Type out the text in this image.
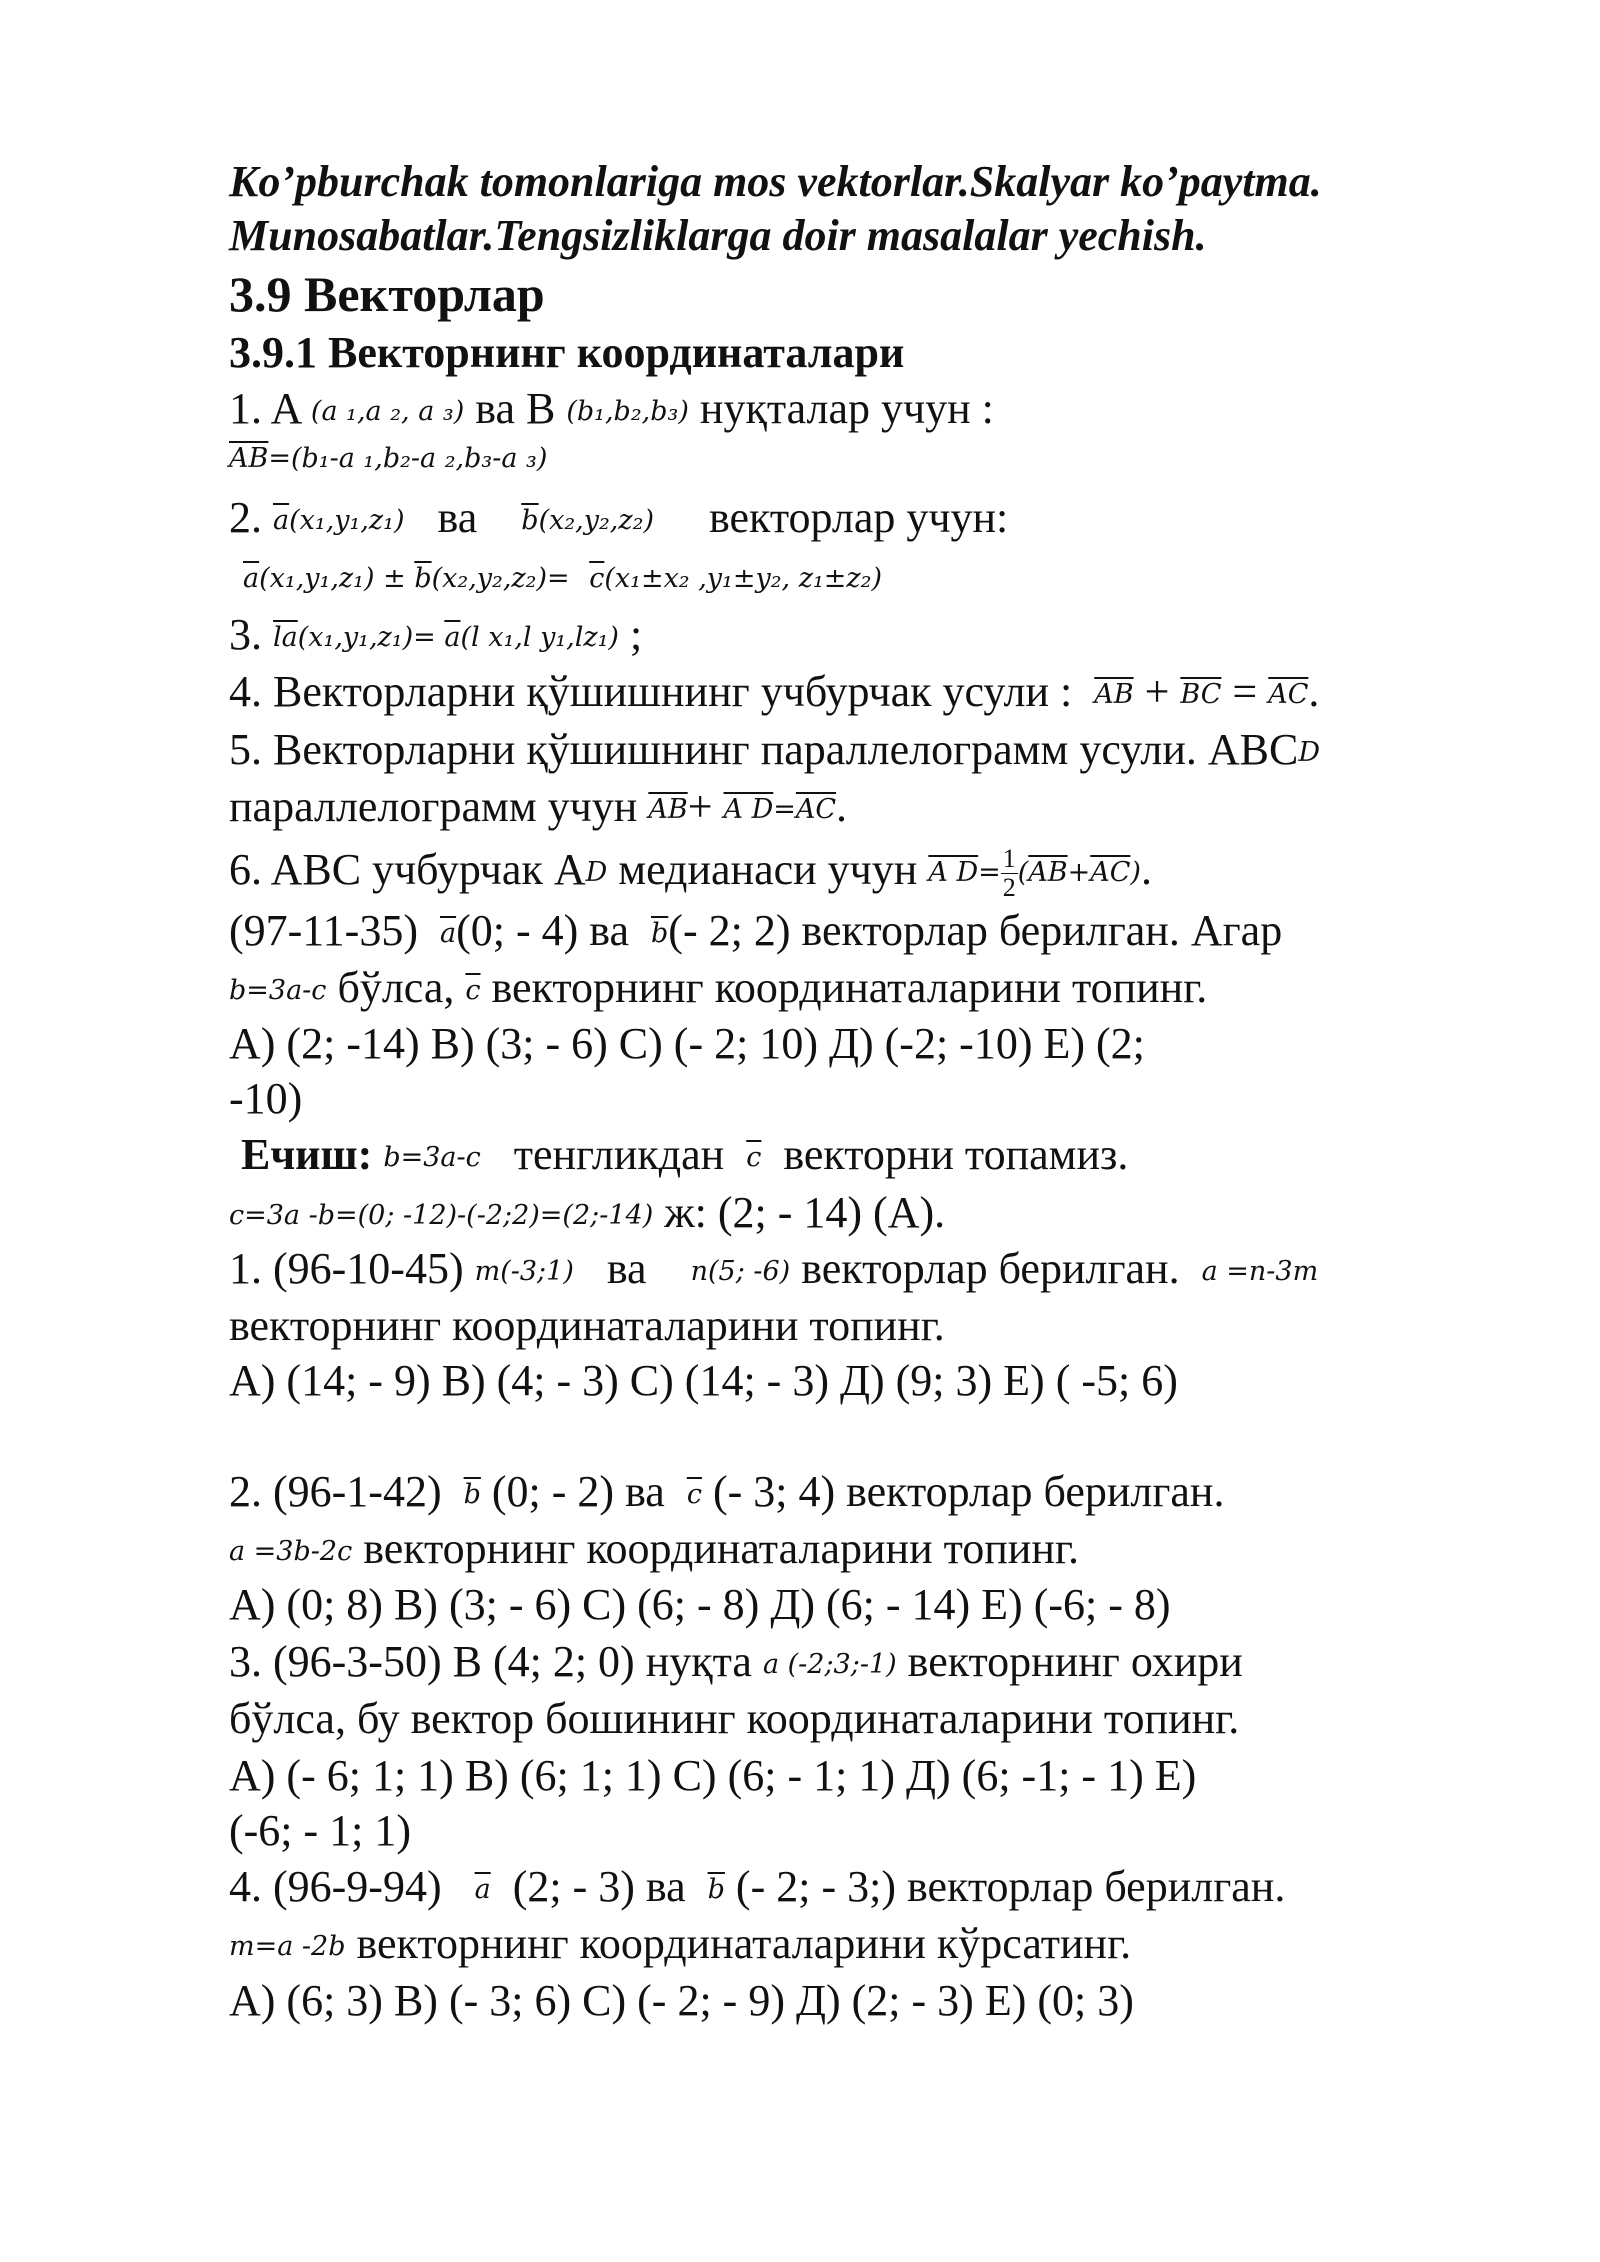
Ko’pburchak tomonlariga mos vektorlar.Skalyar ko’paytma.
Munosabatlar.Tengsizliklarga doir masalalar yechish.
3.9 Векторлар
3.9.1 Векторнинг координаталари
1. A (a ₁,a ₂, a ₃) ва B (b₁,b₂,b₃) нуқталар учун :
$\overline{AB}=(b_1-a$ ₁,b₂-a ₂,b₃-a ₃)
2. $\overline{a}(x_1,y_1,z_1)$ ва $\overline{b}(x_2,y_2,z_2)$ векторлар учун:
$\overline{a}(x_1,y_1,z_1) \pm \overline{b}(x_2,y_2,z_2)= \overline{c}(x_1\pm x_2$ ,y₁±y₂, z₁±z₂)
3. $\overline{la}(x_1,y_1,z_1)= \overline{a}(l$ x₁,l y₁,lz₁) ;
4. Векторларни қўшишнинг учбурчак усули : $\overline{AB} + \overline{BC} = \overline{AC}$.
5. Векторларни қўшишнинг параллелограмм усули. ABCD
параллелограмм учун $\overline{AB}+ A$ $D=\overline{AC}$.
6. ABC учбурчак AD медианаси учун A $D= \frac{1}{2} (\overline{AB}+\overline{AC})$.
(97-11-35) $\overline{a}(0$; - 4) ва $\overline{b}(-$ 2; 2) векторлар берилган. Агар
b=3a-c бўлса, $\overline{c}$ векторнинг координаталарини топинг.
A) (2; -14) B) (3; - 6) C) (- 2; 10) Д) (-2; -10) E) (2;
-10)
Ечиш: b=3a-c тенгликдан $\overline{c}$ векторни топамиз.
c=3a -b=(0; -12)-(-2;2)=(2;-14) ж: (2; - 14) (A).
1. (96-10-45) m(-3;1) ва n(5; -6) векторлар берилган. a =n-3m
векторнинг координаталарини топинг.
A) (14; - 9) B) (4; - 3) C) (14; - 3) Д) (9; 3) E) ( -5; 6)
2. (96-1-42) $\overline{b}$ (0; - 2) ва $\overline{c}$ (- 3; 4) векторлар берилган.
a =3b-2c векторнинг координаталарини топинг.
A) (0; 8) B) (3; - 6) C) (6; - 8) Д) (6; - 14) E) (-6; - 8)
3. (96-3-50) B (4; 2; 0) нуқта a (-2;3;-1) векторнинг охири
бўлса, бу вектор бошининг координаталарини топинг.
A) (- 6; 1; 1) B) (6; 1; 1) C) (6; - 1; 1) Д) (6; -1; - 1) E)
(-6; - 1; 1)
4. (96-9-94) $\overline{a}$ (2; - 3) ва $\overline{b}$ (- 2; - 3;) векторлар берилган.
m=a -2b векторнинг координаталарини кўрсатинг.
A) (6; 3) B) (- 3; 6) C) (- 2; - 9) Д) (2; - 3) E) (0; 3)
